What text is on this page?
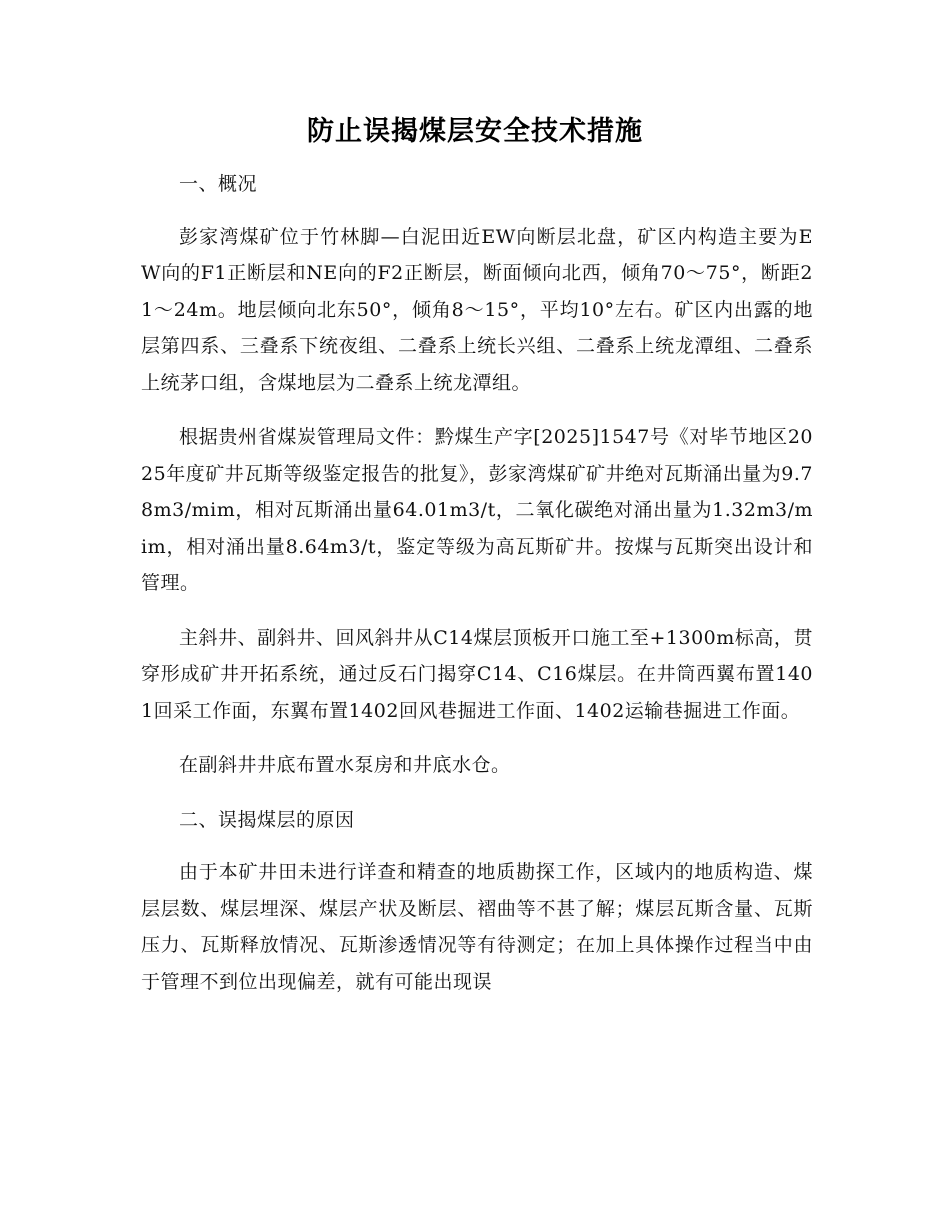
防止误揭煤层安全技术措施

一、概况

彭家湾煤矿位于竹林脚—白泥田近EW向断层北盘，矿区内构造主要为EW向的F1正断层和NE向的F2正断层，断面倾向北西，倾角70～75°，断距21～24m。地层倾向北东50°，倾角8～15°，平均10°左右。矿区内出露的地层第四系、三叠系下统夜组、二叠系上统长兴组、二叠系上统龙潭组、二叠系上统茅口组，含煤地层为二叠系上统龙潭组。

根据贵州省煤炭管理局文件：黔煤生产字[2025]1547号《对毕节地区2025年度矿井瓦斯等级鉴定报告的批复》，彭家湾煤矿矿井绝对瓦斯涌出量为9.78m3/mim，相对瓦斯涌出量64.01m3/t，二氧化碳绝对涌出量为1.32m3/mim，相对涌出量8.64m3/t，鉴定等级为高瓦斯矿井。按煤与瓦斯突出设计和管理。

主斜井、副斜井、回风斜井从C14煤层顶板开口施工至+1300m标高，贯穿形成矿井开拓系统，通过反石门揭穿C14、C16煤层。在井筒西翼布置1401回采工作面，东翼布置1402回风巷掘进工作面、1402运输巷掘进工作面。

在副斜井井底布置水泵房和井底水仓。

二、误揭煤层的原因

由于本矿井田未进行详查和精查的地质勘探工作，区域内的地质构造、煤层层数、煤层埋深、煤层产状及断层、褶曲等不甚了解；煤层瓦斯含量、瓦斯压力、瓦斯释放情况、瓦斯渗透情况等有待测定；在加上具体操作过程当中由于管理不到位出现偏差，就有可能出现误
